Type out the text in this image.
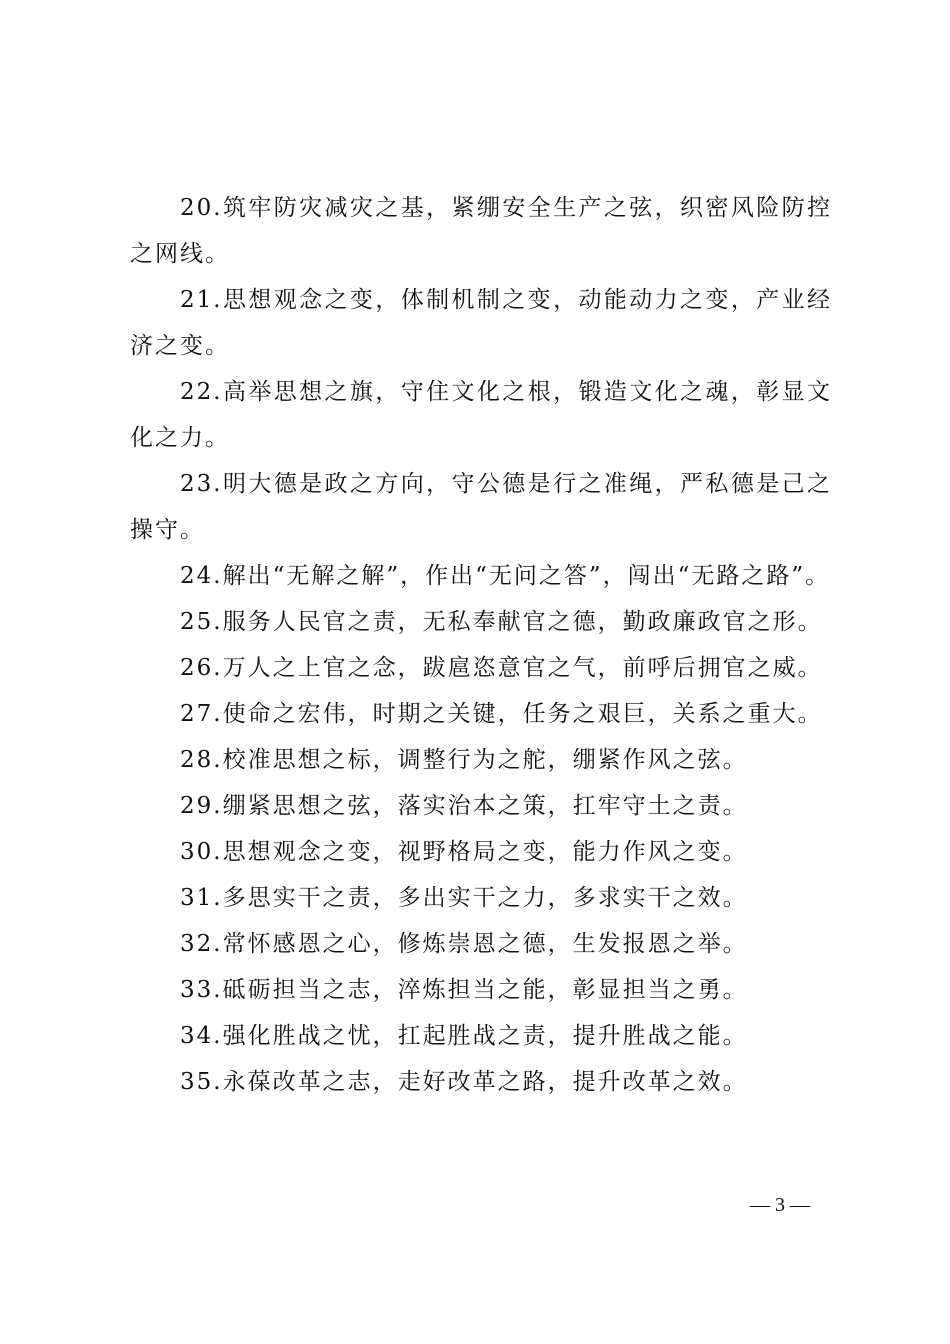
20.筑牢防灾减灾之基，紧绷安全生产之弦，织密风险防控之网线。

21.思想观念之变，体制机制之变，动能动力之变，产业经济之变。

22.高举思想之旗，守住文化之根，锻造文化之魂，彰显文化之力。

23.明大德是政之方向，守公德是行之准绳，严私德是己之操守。

24.解出“无解之解”，作出“无问之答”，闯出“无路之路”。

25.服务人民官之责，无私奉献官之德，勤政廉政官之形。

26.万人之上官之念，跋扈恣意官之气，前呼后拥官之威。

27.使命之宏伟，时期之关键，任务之艰巨，关系之重大。

28.校准思想之标，调整行为之舵，绷紧作风之弦。

29.绷紧思想之弦，落实治本之策，扛牢守土之责。

30.思想观念之变，视野格局之变，能力作风之变。

31.多思实干之责，多出实干之力，多求实干之效。

32.常怀感恩之心，修炼崇恩之德，生发报恩之举。

33.砥砺担当之志，淬炼担当之能，彰显担当之勇。

34.强化胜战之忧，扛起胜战之责，提升胜战之能。

35.永葆改革之志，走好改革之路，提升改革之效。

— 3 —
